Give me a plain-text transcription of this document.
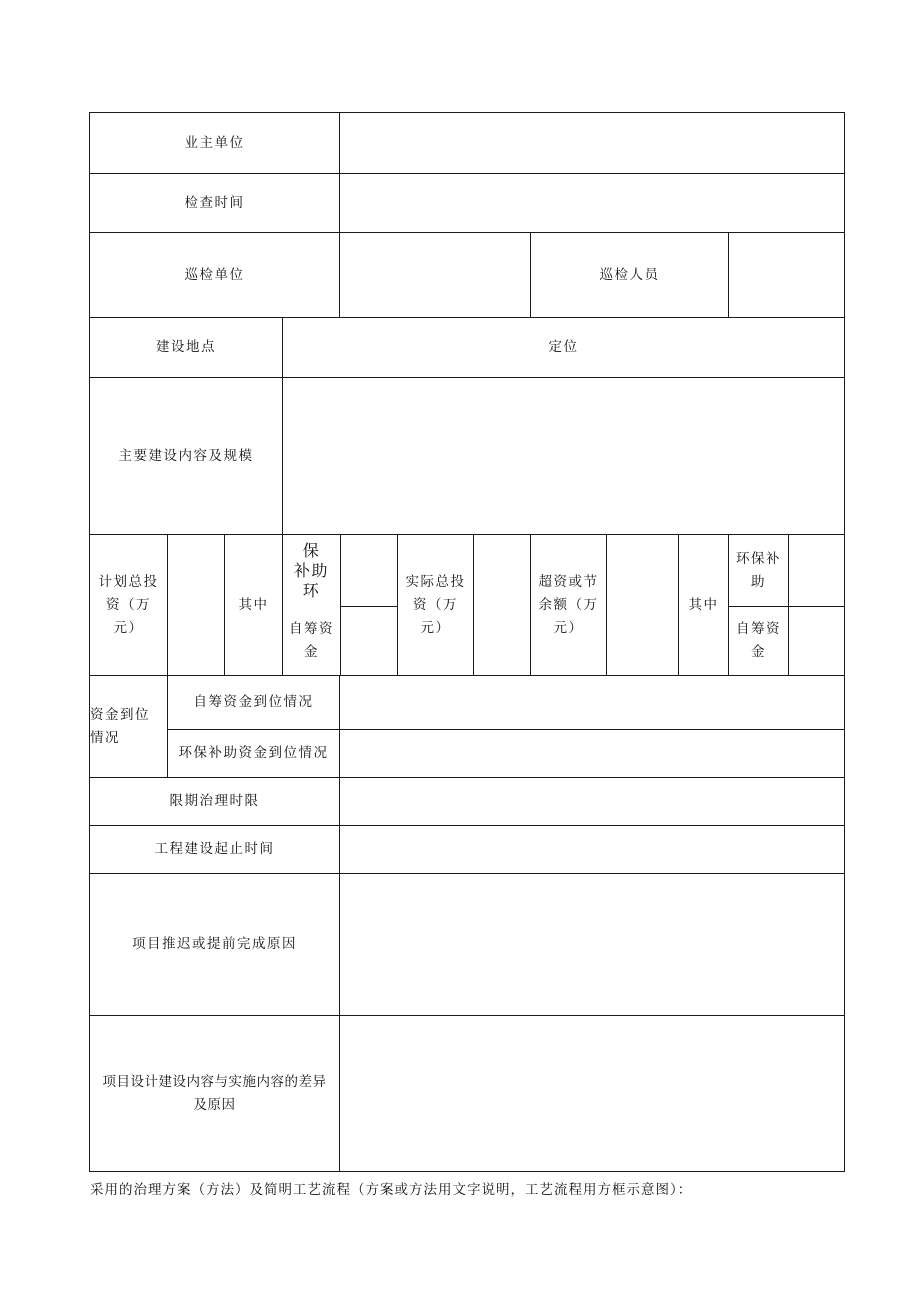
业主单位
检查时间
巡检单位	巡检人员
建设地点	定位
主要建设内容及规模
计划总投
资（万
元）
其中
保
补助
环
自筹资
金
实际总投
资（万
元）
超资或节
余额（万
元）
其中
环保补
助
自筹资
金
资金到位
情况
自筹资金到位情况
环保补助资金到位情况
限期治理时限
工程建设起止时间
项目推迟或提前完成原因
项目设计建设内容与实施内容的差异
及原因
采用的治理方案（方法）及简明工艺流程（方案或方法用文字说明，工艺流程用方框示意图）：
